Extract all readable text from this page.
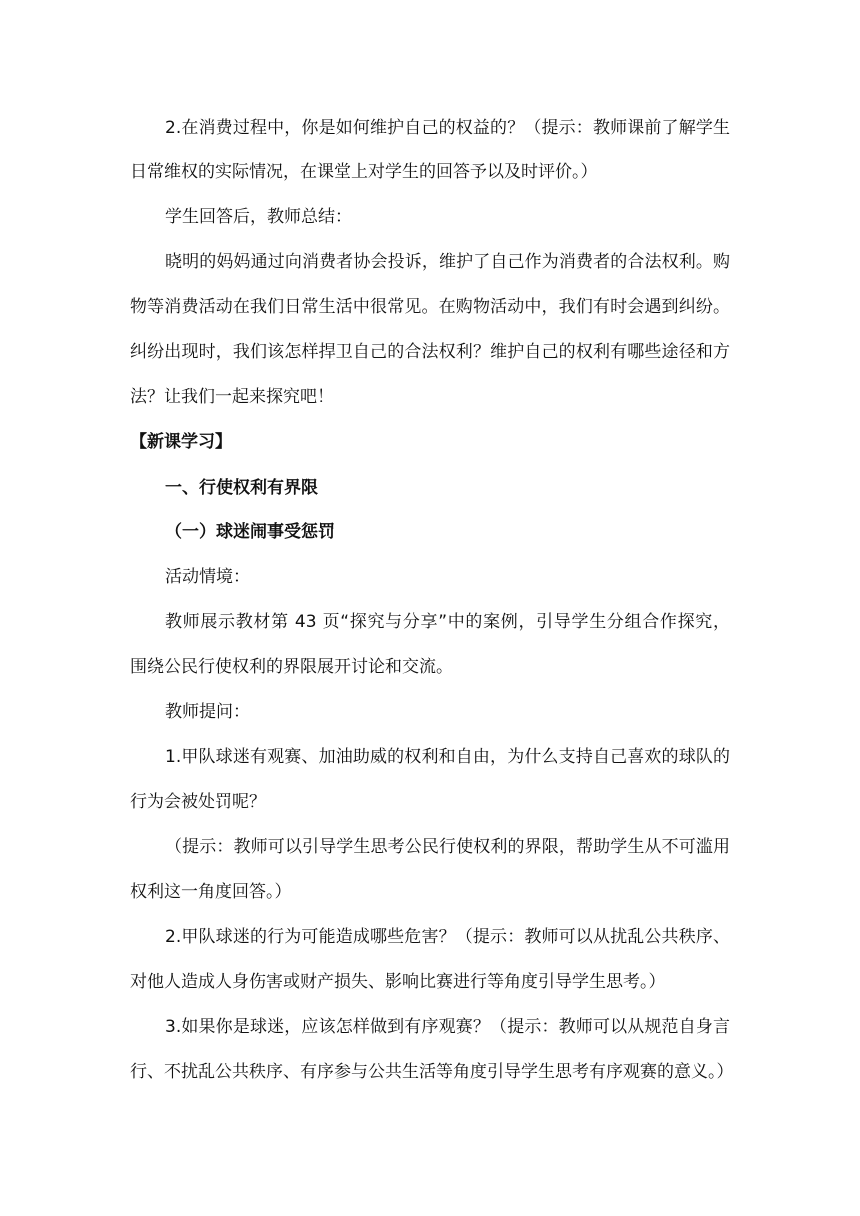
2.在消费过程中，你是如何维护自己的权益的？（提示：教师课前了解学生
日常维权的实际情况，在课堂上对学生的回答予以及时评价。）
学生回答后，教师总结：
晓明的妈妈通过向消费者协会投诉，维护了自己作为消费者的合法权利。购
物等消费活动在我们日常生活中很常见。在购物活动中，我们有时会遇到纠纷。
纠纷出现时，我们该怎样捍卫自己的合法权利？维护自己的权利有哪些途径和方
法？让我们一起来探究吧！
【新课学习】
一、行使权利有界限
（一）球迷闹事受惩罚
活动情境：
教师展示教材第 43 页“探究与分享”中的案例，引导学生分组合作探究，
围绕公民行使权利的界限展开讨论和交流。
教师提问：
1.甲队球迷有观赛、加油助威的权利和自由，为什么支持自己喜欢的球队的
行为会被处罚呢？
（提示：教师可以引导学生思考公民行使权利的界限，帮助学生从不可滥用
权利这一角度回答。）
2.甲队球迷的行为可能造成哪些危害？（提示：教师可以从扰乱公共秩序、
对他人造成人身伤害或财产损失、影响比赛进行等角度引导学生思考。）
3.如果你是球迷，应该怎样做到有序观赛？（提示：教师可以从规范自身言
行、不扰乱公共秩序、有序参与公共生活等角度引导学生思考有序观赛的意义。）
